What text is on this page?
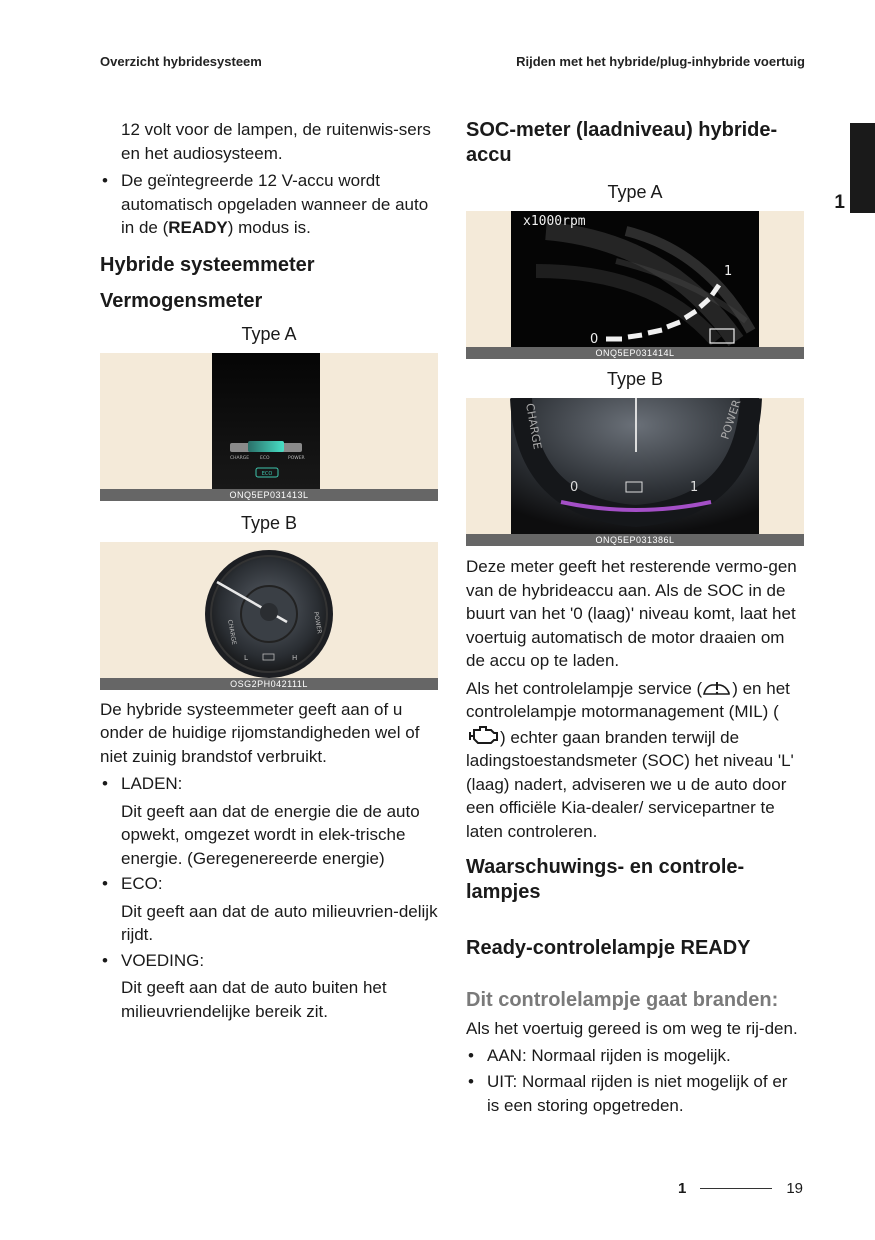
Overzicht hybridesysteem	Rijden met het hybride/plug-inhybride voertuig
1

12 volt voor de lampen, de ruitenwis-sers en het audiosysteem.

• De geïntegreerde 12 V-accu wordt automatisch opgeladen wanneer de auto in de (READY) modus is.
Hybride systeemmeter
Vermogensmeter
Type A
CHARGE ECO	POWER
ECO
ONQ5EP031413L
Type B
CHARGE	POWER
L	H
OSG2PH042111L

De hybride systeemmeter geeft aan of u onder de huidige rijomstandigheden wel of niet zuinig brandstof verbruikt.

• LADEN:
Dit geeft aan dat de energie die de auto opwekt, omgezet wordt in elek-trische energie. (Geregenereerde energie)
• ECO:
Dit geeft aan dat de auto milieuvrien-delijk rijdt.
• VOEDING:
Dit geeft aan dat de auto buiten het milieuvriendelijke bereik zit.
SOC-meter (laadniveau) hybride-accu
Type A
x1000rpm
1
0
ONQ5EP031414L
Type B
0	1
CHARGE	POWER
ONQ5EP031386L

Deze meter geeft het resterende vermo-gen van de hybrideaccu aan. Als de SOC in de buurt van het '0 (laag)' niveau komt, laat het voertuig automatisch de motor draaien om de accu op te laden.

Als het controlelampje service ( ) en het controlelampje motormanagement (MIL) () echter gaan branden terwijl de ladingstoestandsmeter (SOC) het niveau 'L' (laag) nadert, adviseren we u de auto door een officiële Kia-dealer/ servicepartner te laten controleren.

Waarschuwings- en controle-lampjes
Ready-controlelampje READY
Dit controlelampje gaat branden:

Als het voertuig gereed is om weg te rij-den.

• AAN: Normaal rijden is mogelijk.
• UIT: Normaal rijden is niet mogelijk of er is een storing opgetreden.
1	19
